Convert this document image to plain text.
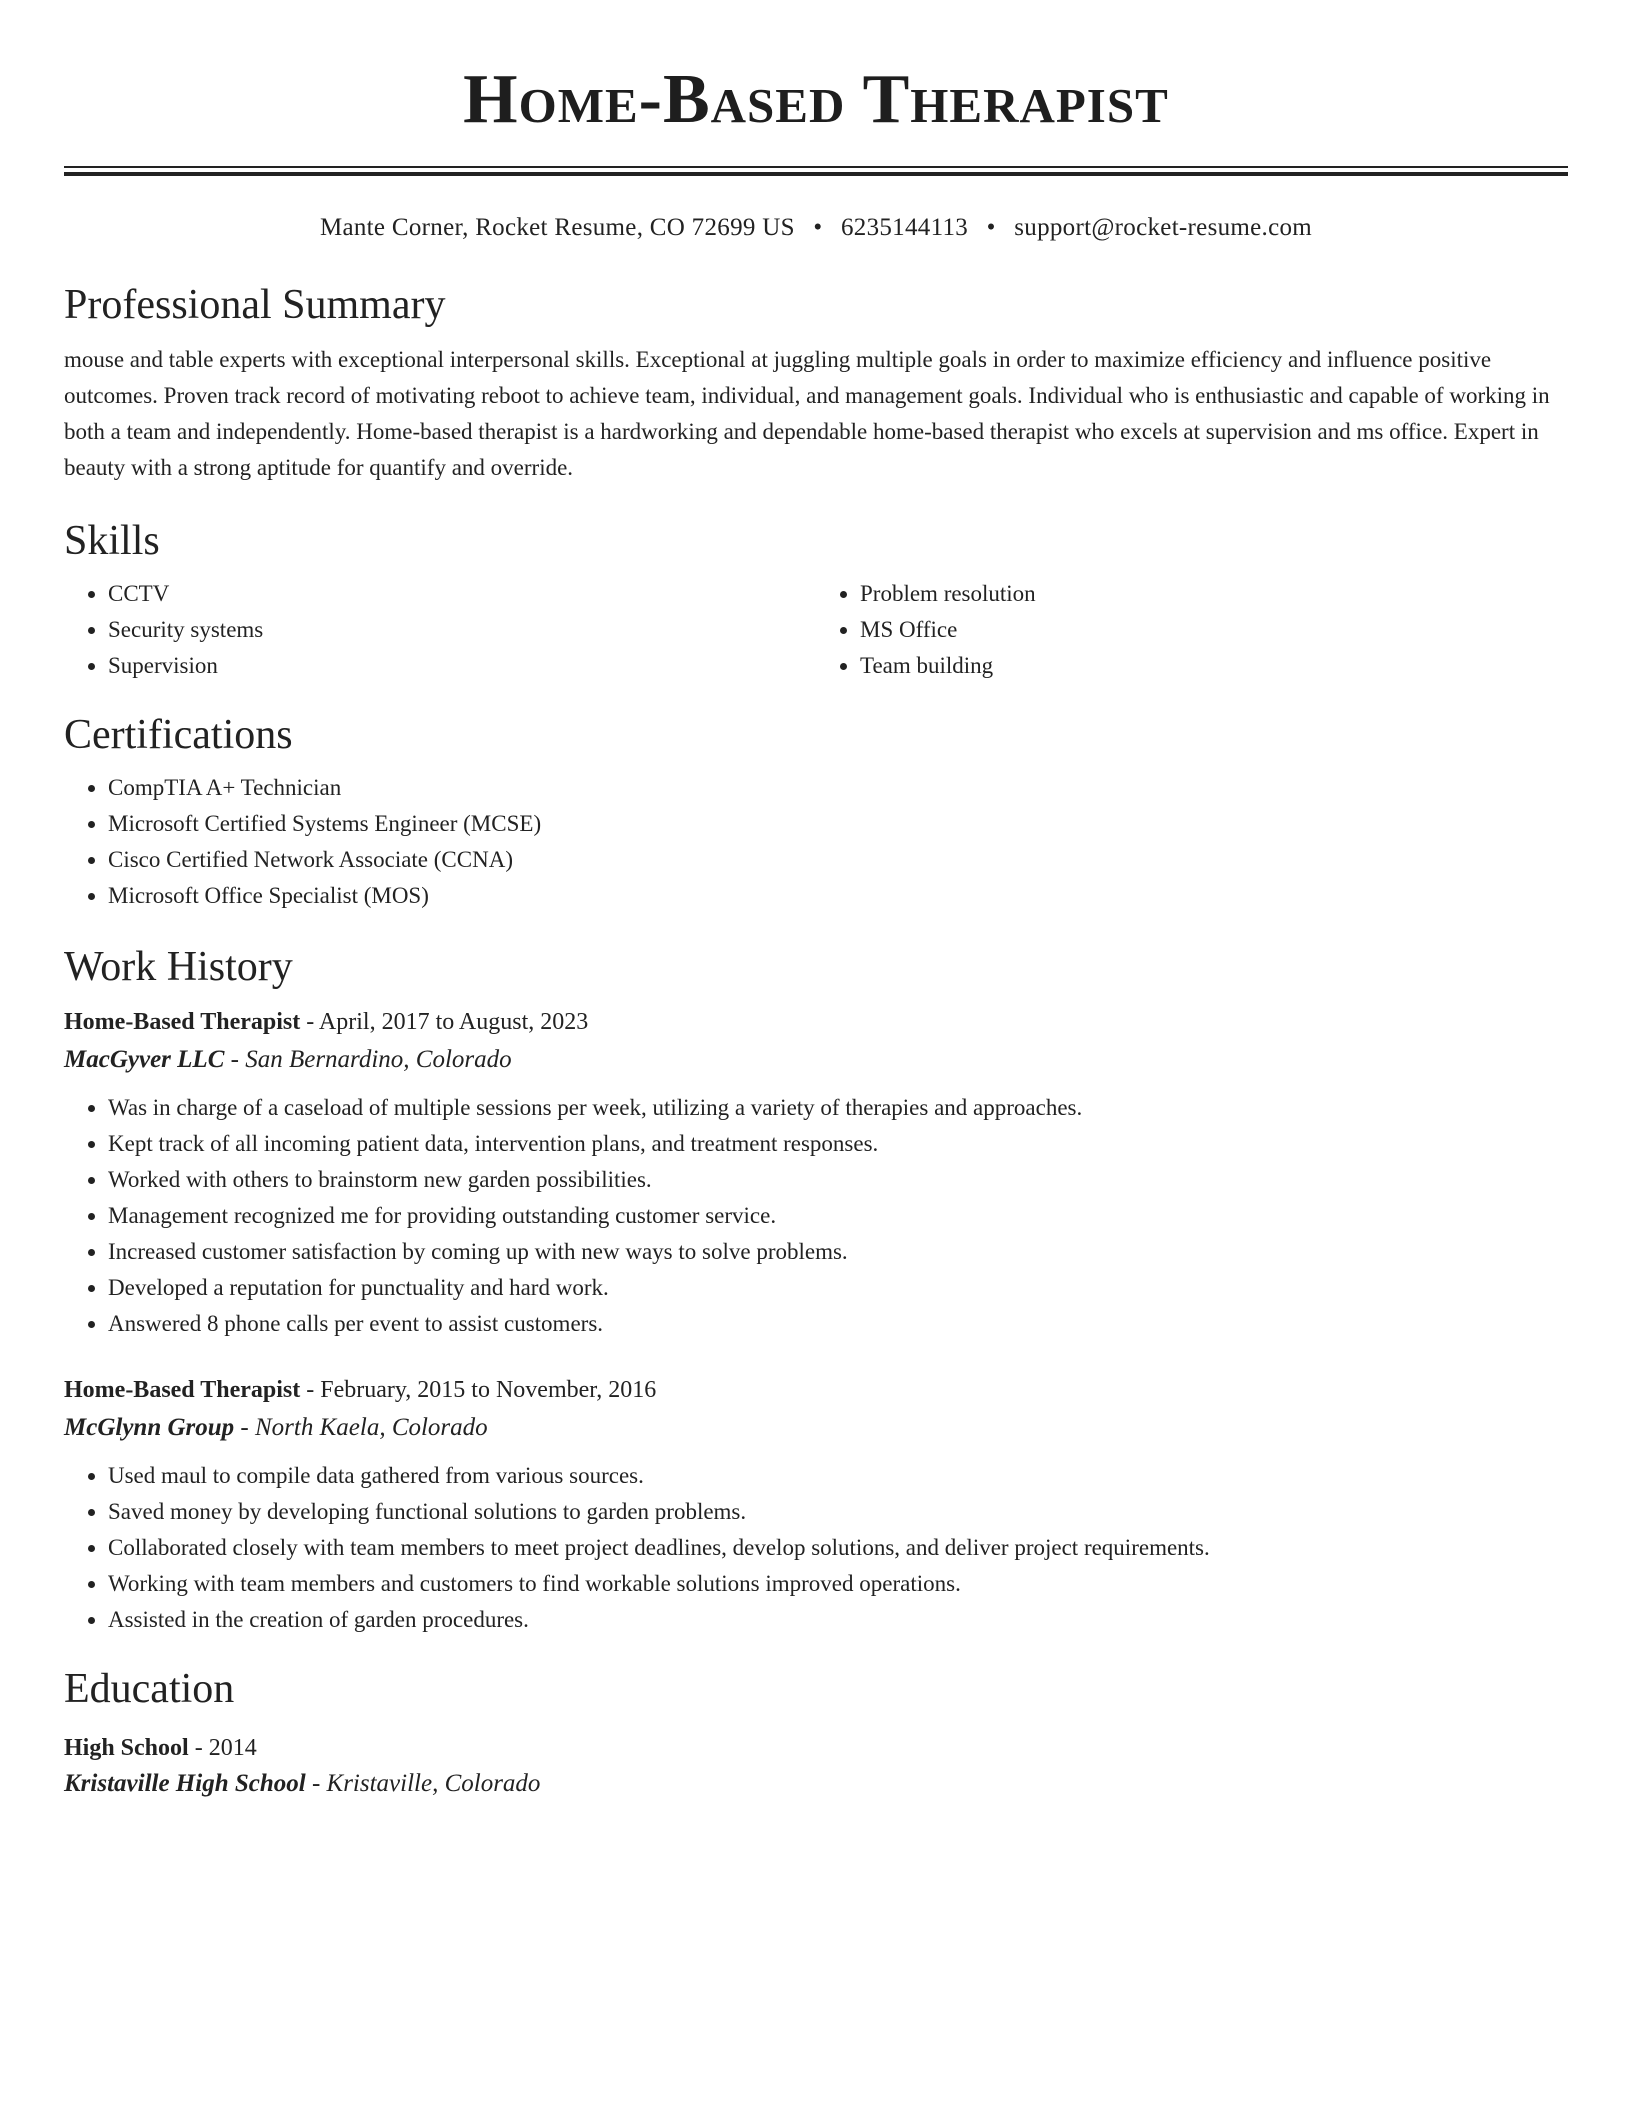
Home-Based Therapist
Mante Corner, Rocket Resume, CO 72699 US • 6235144113 • support@rocket-resume.com
Professional Summary

mouse and table experts with exceptional interpersonal skills. Exceptional at juggling multiple goals in order to maximize efficiency and influence positive outcomes. Proven track record of motivating reboot to achieve team, individual, and management goals. Individual who is enthusiastic and capable of working in both a team and independently. Home-based therapist is a hardworking and dependable home-based therapist who excels at supervision and ms office. Expert in beauty with a strong aptitude for quantify and override.

Skills
• CCTV
• Security systems
• Supervision
• Problem resolution
• MS Office
• Team building
Certifications
• CompTIA A+ Technician
• Microsoft Certified Systems Engineer (MCSE)
• Cisco Certified Network Associate (CCNA)
• Microsoft Office Specialist (MOS)
Work History
Home-Based Therapist - April, 2017 to August, 2023
MacGyver LLC - San Bernardino, Colorado
• Was in charge of a caseload of multiple sessions per week, utilizing a variety of therapies and approaches.
• Kept track of all incoming patient data, intervention plans, and treatment responses.
• Worked with others to brainstorm new garden possibilities.
• Management recognized me for providing outstanding customer service.
• Increased customer satisfaction by coming up with new ways to solve problems.
• Developed a reputation for punctuality and hard work.
• Answered 8 phone calls per event to assist customers.
Home-Based Therapist - February, 2015 to November, 2016
McGlynn Group - North Kaela, Colorado
• Used maul to compile data gathered from various sources.
• Saved money by developing functional solutions to garden problems.
• Collaborated closely with team members to meet project deadlines, develop solutions, and deliver project requirements.
• Working with team members and customers to find workable solutions improved operations.
• Assisted in the creation of garden procedures.
Education
High School - 2014
Kristaville High School - Kristaville, Colorado
